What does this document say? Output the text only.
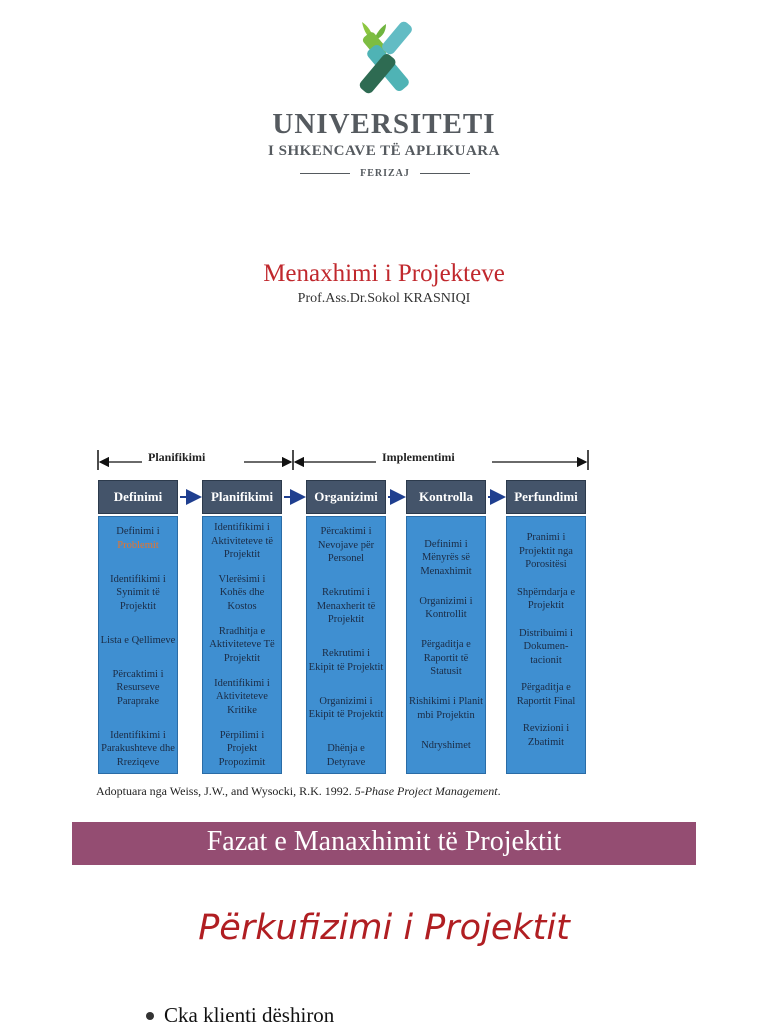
UNIVERSITETI
I SHKENCAVE TË APLIKUARA
FERIZAJ
Menaxhimi i Projekteve
Prof.Ass.Dr.Sokol KRASNIQI
Planifikimi	Implementimi
Definimi
Definimi i
Problemit
Identifikimi i Synimit të Projektit
Lista e Qellimeve
Përcaktimi i Resurseve Paraprake
Identifikimi i Parakushteve dhe Rreziqeve
Planifikimi
Identifikimi i Aktiviteteve të Projektit
Vlerësimi i Kohës dhe Kostos
Rradhitja e Aktiviteteve Të Projektit
Identifikimi i Aktiviteteve Kritike
Përpilimi i Projekt Propozimit
Organizimi
Përcaktimi i Nevojave për Personel
Rekrutimi i Menaxherit të Projektit
Rekrutimi i Ekipit të Projektit
Organizimi i Ekipit të Projektit
Dhënja e Detyrave
Kontrolla
Definimi i Mënyrës së Menaxhimit
Organizimi i Kontrollit
Përgaditja e Raportit të Statusit
Rishikimi i Planit mbi Projektin
Ndryshimet
Perfundimi
Pranimi i Projektit nga Porositësi
Shpërndarja e Projektit
Distribuimi i Dokumen-tacionit
Përgaditja e Raportit Final
Revizioni i Zbatimit
Adoptuara nga Weiss, J.W., and Wysocki, R.K. 1992. 5-Phase Project Management.
Fazat e Manaxhimit të Projektit
Përkufizimi i Projektit
Cka klienti dëshiron
